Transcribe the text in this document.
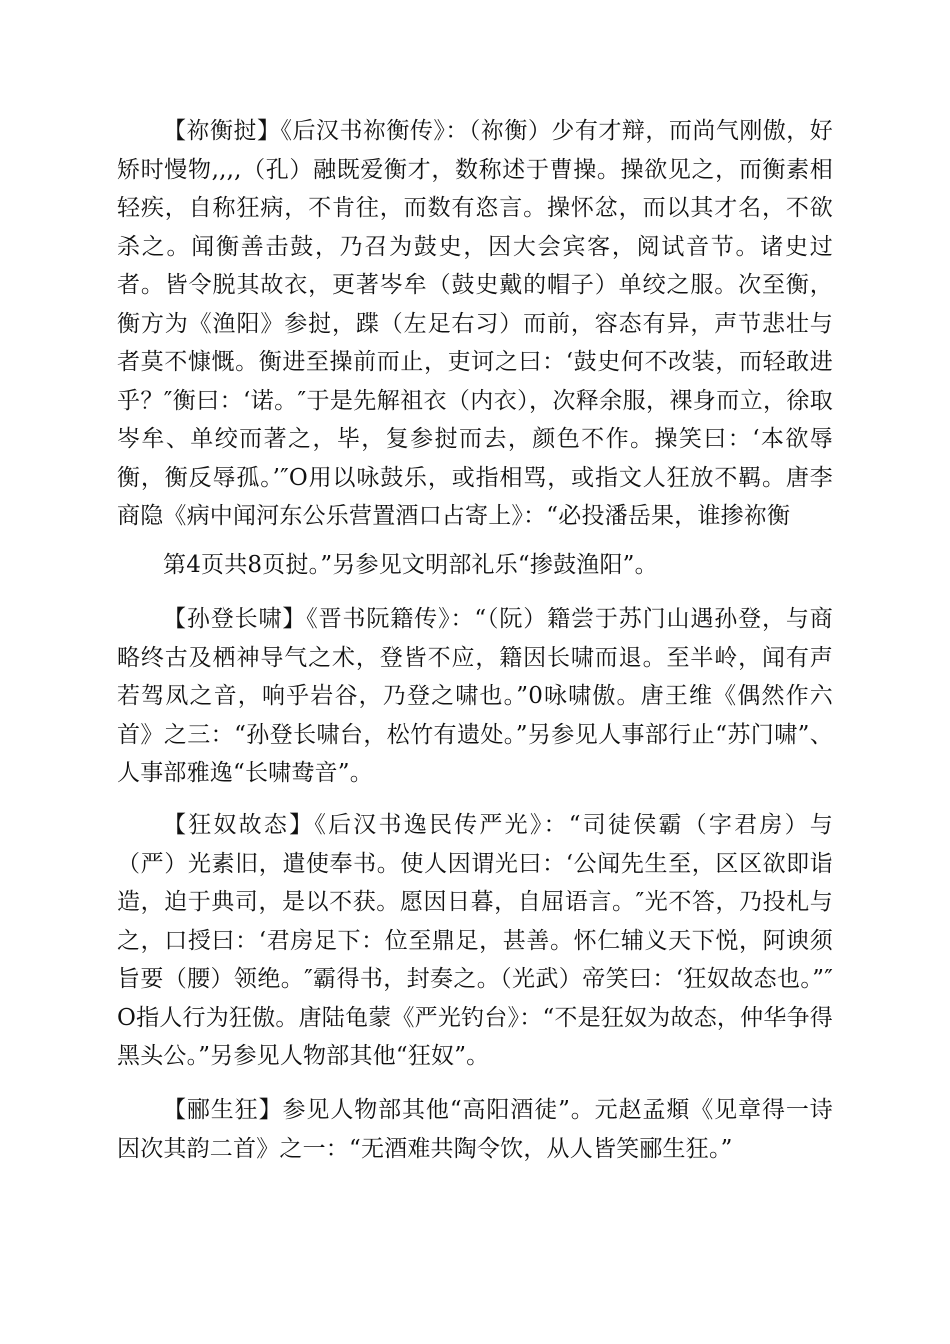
【祢衡挝】《后汉书祢衡传》：（祢衡）少有才辩，而尚气刚傲，好矫时慢物,,,,（孔）融既爱衡才，数称述于曹操。操欲见之，而衡素相轻疾，自称狂病，不肯往，而数有恣言。操怀忿，而以其才名，不欲杀之。闻衡善击鼓，乃召为鼓史，因大会宾客，阅试音节。诸史过者。皆令脱其故衣，更著岑牟（鼓史戴的帽子）单绞之服。次至衡，衡方为《渔阳》参挝，蹀（左足右习）而前，容态有异，声节悲壮与者莫不慷慨。衡进至操前而止，吏诃之曰：‘鼓史何不改装，而轻敢进乎？″衡曰：‘诺。″于是先解祖衣（内衣），次释余服，裸身而立，徐取岑牟、单绞而著之，毕，复参挝而去，颜色不作。操笑曰：‘本欲辱衡，衡反辱孤。’″O用以咏鼓乐，或指相骂，或指文人狂放不羁。唐李商隐《病中闻河东公乐营置酒口占寄上》：“必投潘岳果，谁掺祢衡

第4页共8页挝。”另参见文明部礼乐“掺鼓渔阳”。

【孙登长啸】《晋书阮籍传》：“（阮）籍尝于苏门山遇孙登，与商略终古及栖神导气之术，登皆不应，籍因长啸而退。至半岭，闻有声若驾凤之音，响乎岩谷，乃登之啸也。”0咏啸傲。唐王维《偶然作六首》之三：“孙登长啸台，松竹有遗处。”另参见人事部行止“苏门啸”、人事部雅逸“长啸鸯音”。

【狂奴故态】《后汉书逸民传严光》：“司徒侯霸（字君房）与（严）光素旧，遣使奉书。使人因谓光曰：‘公闻先生至，区区欲即诣造，迫于典司，是以不获。愿因日暮，自屈语言。″光不答，乃投札与之，口授曰：‘君房足下：位至鼎足，甚善。怀仁辅义天下悦，阿谀须旨要（腰）领绝。″霸得书，封奏之。（光武）帝笑曰：‘狂奴故态也。”″O指人行为狂傲。唐陆龟蒙《严光钓台》：“不是狂奴为故态，仲华争得黑头公。”另参见人物部其他“狂奴”。

【郦生狂】参见人物部其他“高阳酒徒”。元赵孟頫《见章得一诗因次其韵二首》之一：“无酒难共陶令饮，从人皆笑郦生狂。”
